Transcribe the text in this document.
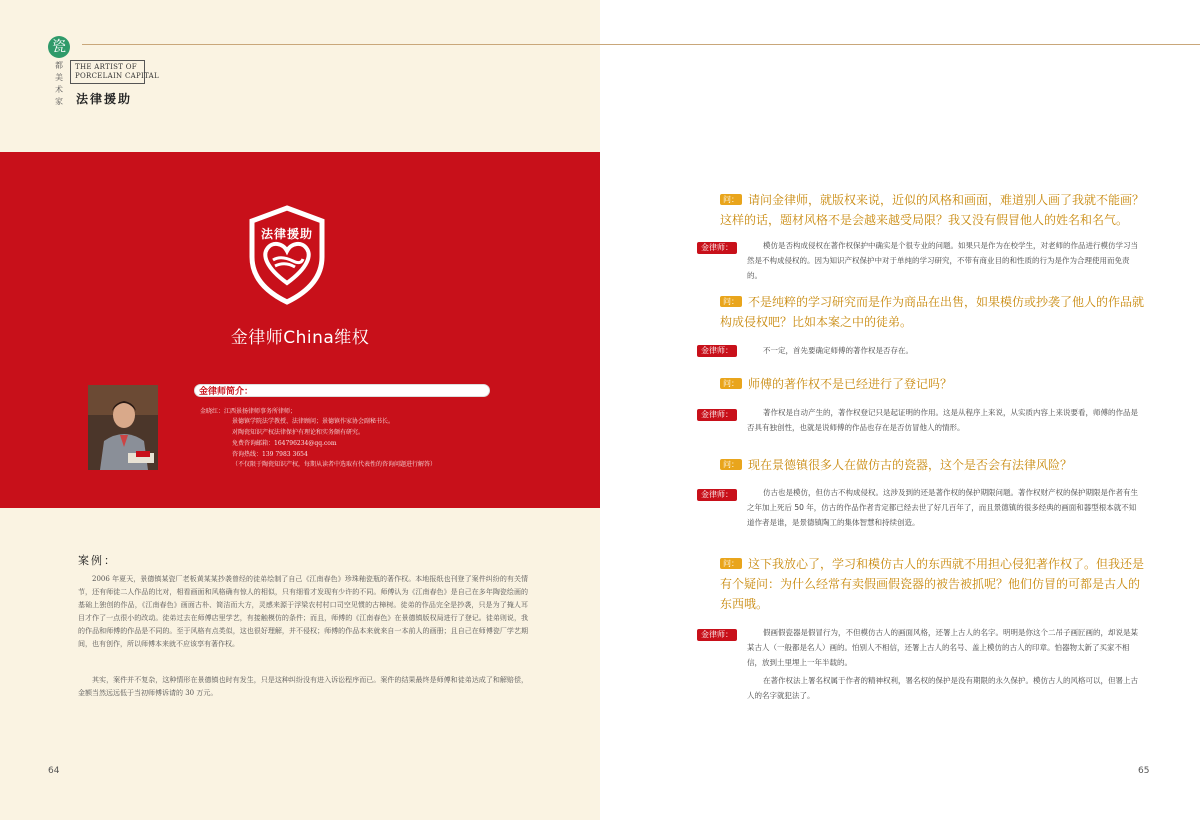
瓷
都
美
术
家
THE ARTIST OF
PORCELAIN CAPITAL
法律援助
法律援助
金律师China维权
金律师简介：
金晓红：江西景扬律师事务所律师；
景德镇学院法学教授、法律顾问；景德镇作家协会副秘书长。
对陶瓷知识产权法律保护有理论和实务颇有研究。
免费咨询邮箱：164796234@qq.com
咨询热线：139 7983 3654
（不仅限于陶瓷知识产权，每期从读者中选取有代表性的咨询问题进行解答）
案例：

2006 年夏天，景德镇某瓷厂老板黄某某抄袭曾经的徒弟绘制了自己《江南春色》珍珠釉瓷瓶的著作权。本地报纸也刊登了案件纠纷的有关情节，还有师徒二人作品的比对，相看画面和风格确有惊人的相似，只有细看才发现有少许的不同。师傅认为《江南春色》是自己在多年陶瓷绘画的基础上独创的作品，《江南春色》画面古朴、简洁而大方，灵感来源于浮梁农村村口司空见惯的古樟树。徒弟的作品完全是抄袭，只是为了掩人耳目才作了一点很小的改动。徒弟过去在师傅店里学艺，有接触模仿的条件；而且，师傅的《江南春色》在景德镇版权局进行了登记。徒弟则说，我的作品和师傅的作品是不同的。至于风格有点类似，这也很好理解，并不侵权；师傅的作品本来就来自一本前人的画册；且自己在师傅瓷厂学艺期间，也有创作，所以师傅本来就不应该享有著作权。

其实，案件并不复杂，这种情形在景德镇也时有发生，只是这种纠纷没有进入诉讼程序而已。案件的结果最终是师傅和徒弟达成了和解赔偿，金额当然远远低于当初师傅诉请的 30 万元。

64	65

问： 请问金律师，就版权来说，近似的风格和画面，难道别人画了我就不能画？这样的话，题材风格不是会越来越受局限？我又没有假冒他人的姓名和名气。

金律师：	模仿是否构成侵权在著作权保护中确实是个很专业的问题。如果只是作为在校学生，对老师的作品进行模仿学习当然是不构成侵权的。因为知识产权保护中对于单纯的学习研究，不带有商业目的和性质的行为是作为合理使用而免责的。

问： 不是纯粹的学习研究而是作为商品在出售，如果模仿或抄袭了他人的作品就构成侵权吧？比如本案之中的徒弟。

金律师：	不一定，首先要确定师傅的著作权是否存在。

问： 师傅的著作权不是已经进行了登记吗？

金律师：	著作权是自动产生的，著作权登记只是起证明的作用。这是从程序上来说，从实质内容上来说要看，师傅的作品是否具有独创性，也就是说师傅的作品也存在是否仿冒他人的情形。

问： 现在景德镇很多人在做仿古的瓷器，这个是否会有法律风险？

金律师：	仿古也是模仿，但仿古不构成侵权。这涉及到的还是著作权的保护期限问题。著作权财产权的保护期限是作者有生之年加上死后 50 年，仿古的作品作者肯定都已经去世了好几百年了，而且景德镇的很多经典的画面和器型根本就不知道作者是谁，是景德镇陶工的集体智慧和持续创造。

问： 这下我放心了，学习和模仿古人的东西就不用担心侵犯著作权了。但我还是有个疑问：为什么经常有卖假画假瓷器的被告被抓呢？他们仿冒的可都是古人的东西哦。

金律师：	假画假瓷器是假冒行为，不但模仿古人的画面风格，还署上古人的名字。明明是你这个二吊子画匠画的，却说是某某古人（一般都是名人）画的。怕别人不相信，还署上古人的名号、盖上模仿的古人的印章。怕器物太新了买家不相信，放到土里埋上一年半载的。

在著作权法上署名权属于作者的精神权利，署名权的保护是没有期限的永久保护。模仿古人的风格可以，但署上古人的名字就犯法了。
